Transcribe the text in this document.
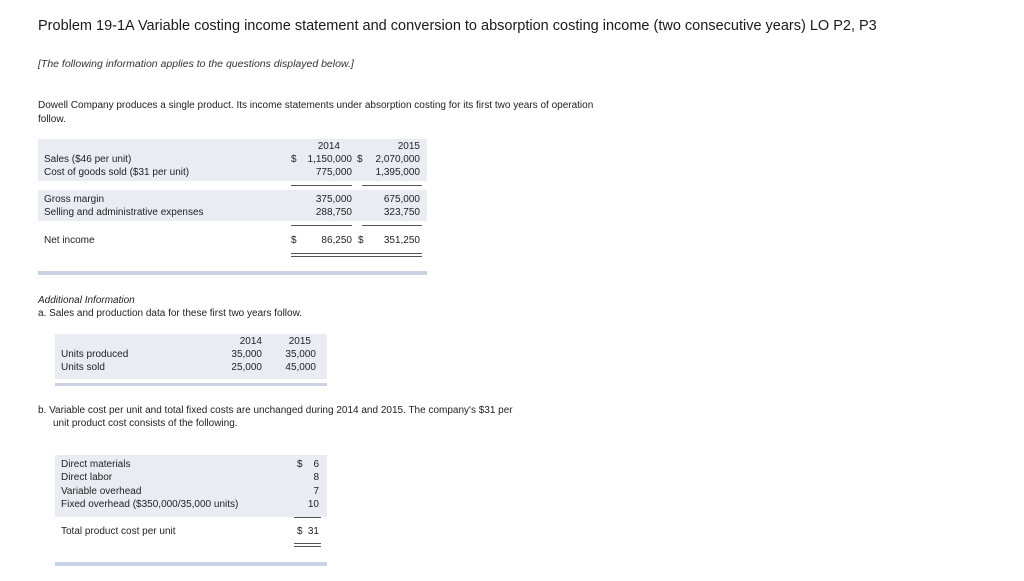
Problem 19-1A Variable costing income statement and conversion to absorption costing income (two consecutive years) LO P2, P3
[The following information applies to the questions displayed below.]
Dowell Company produces a single product. Its income statements under absorption costing for its first two years of operation follow.
2014	2015
Sales ($46 per unit)	$	1,150,000 $	2,070,000
Cost of goods sold ($31 per unit)	775,000	1,395,000
Gross margin	375,000	675,000
Selling and administrative expenses	288,750	323,750
Net income	$	86,250 $	351,250
Additional Information
a. Sales and production data for these first two years follow.
2014	2015
Units produced	35,000	35,000
Units sold	25,000	45,000
b. Variable cost per unit and total fixed costs are unchanged during 2014 and 2015. The company's $31 per
unit product cost consists of the following.
Direct materials	$	6
Direct labor	8
Variable overhead	7
Fixed overhead ($350,000/35,000 units)	10
Total product cost per unit	$ 31
